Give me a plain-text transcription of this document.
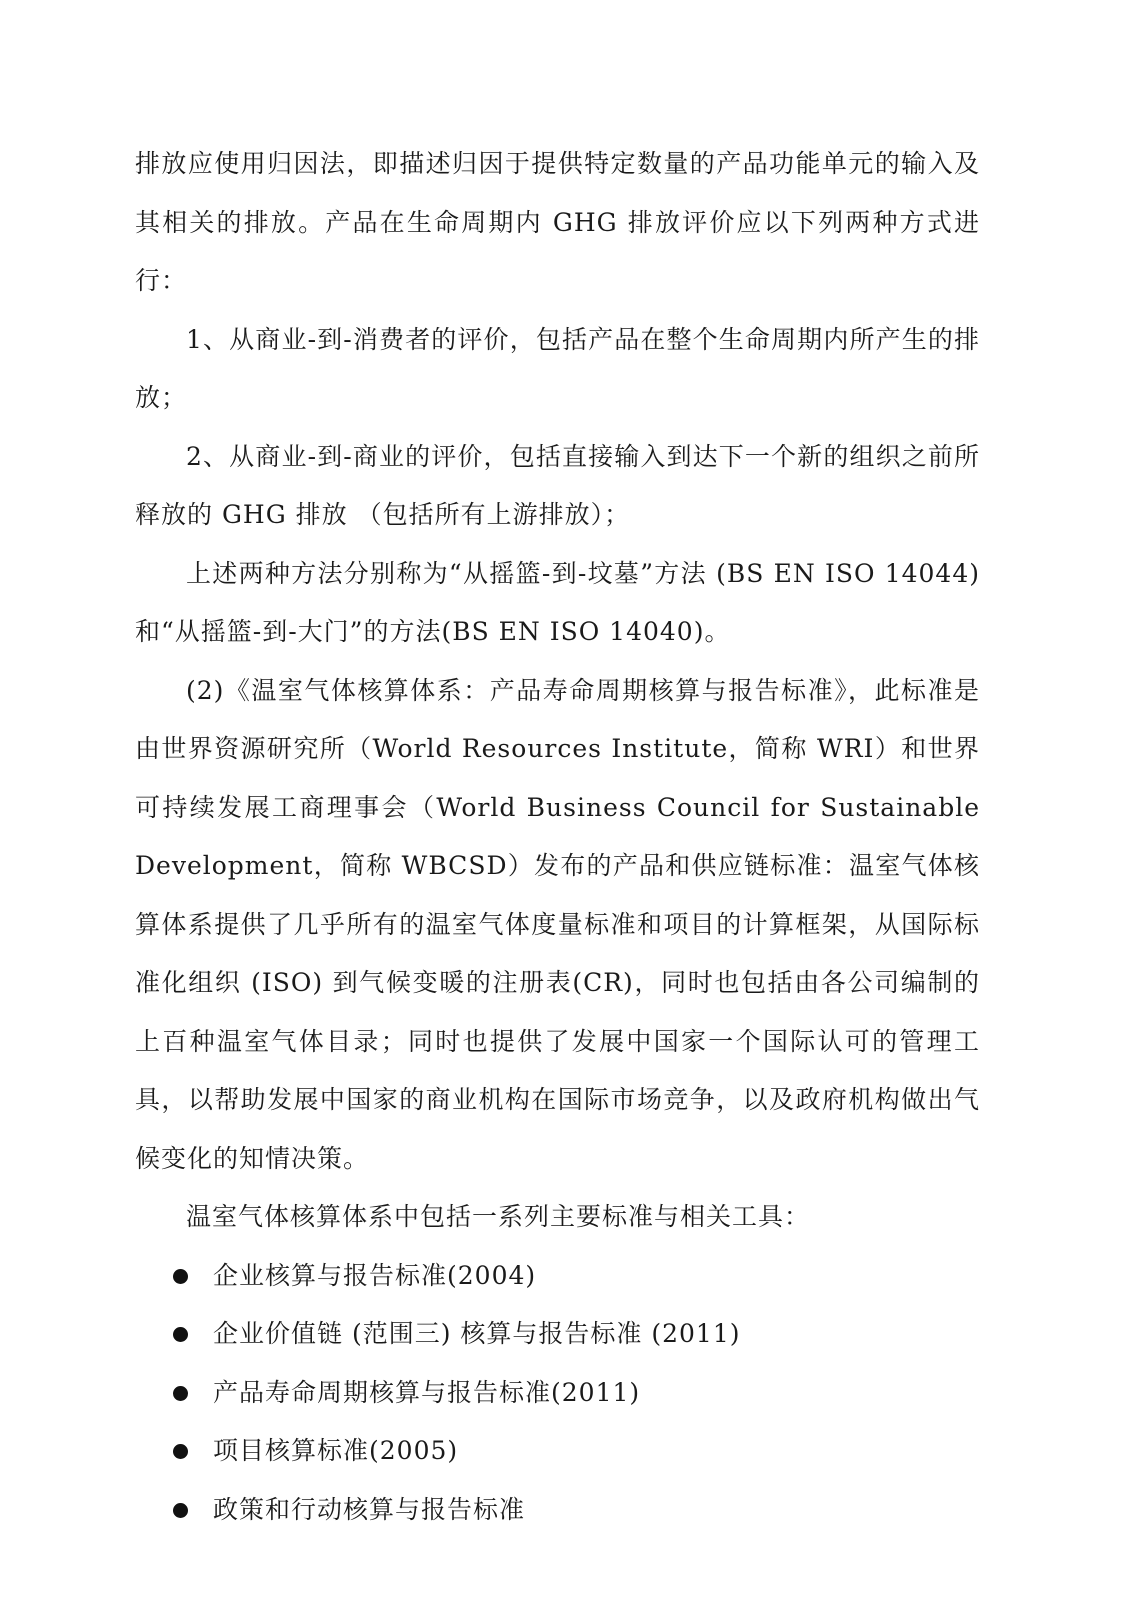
排放应使用归因法，即描述归因于提供特定数量的产品功能单元的输入及其相关的排放。产品在生命周期内 GHG 排放评价应以下列两种方式进行：

1、从商业-到-消费者的评价，包括产品在整个生命周期内所产生的排放；

2、从商业-到-商业的评价，包括直接输入到达下一个新的组织之前所释放的 GHG 排放 （包括所有上游排放）；

上述两种方法分别称为“从摇篮-到-坟墓”方法 (BS EN ISO 14044) 和“从摇篮-到-大门”的方法(BS EN ISO 14040)。

(2)《温室气体核算体系：产品寿命周期核算与报告标准》，此标准是由世界资源研究所（World Resources Institute，简称 WRI）和世界可持续发展工商理事会（World Business Council for SustainableDevelopment，简称 WBCSD）发布的产品和供应链标准：温室气体核算体系提供了几乎所有的温室气体度量标准和项目的计算框架，从国际标准化组织 (ISO) 到气候变暖的注册表(CR)，同时也包括由各公司编制的上百种温室气体目录；同时也提供了发展中国家一个国际认可的管理工具，以帮助发展中国家的商业机构在国际市场竞争，以及政府机构做出气候变化的知情决策。

温室气体核算体系中包括一系列主要标准与相关工具：

企业核算与报告标准(2004)
企业价值链 (范围三) 核算与报告标准 (2011)
产品寿命周期核算与报告标准(2011)
项目核算标准(2005)
政策和行动核算与报告标准
